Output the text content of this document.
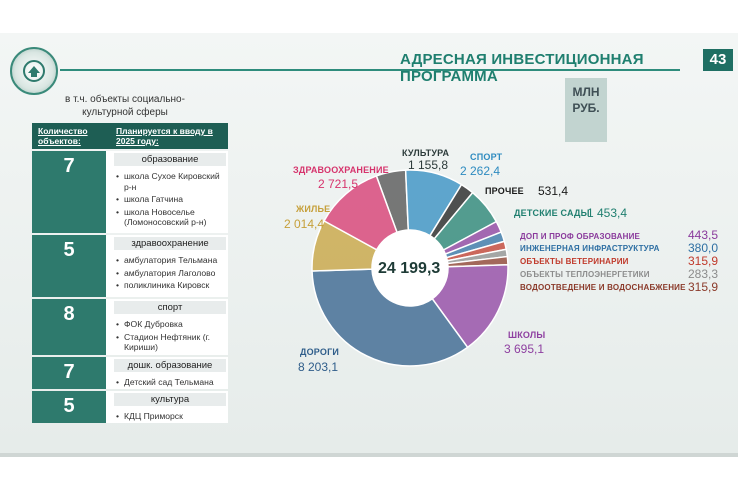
АДРЕСНАЯ ИНВЕСТИЦИОННАЯ ПРОГРАММА
43
МЛН РУБ.
в т.ч. объекты социально-культурной сферы
Количество объектов:
Планируется к вводу в 2025 году:
7	образование
• школа Сухое Кировский р-н
• школа Гатчина
• школа Новоселье (Ломоносовский р-н)
5	здравоохранение
• амбулатория Тельмана
• амбулатория Лаголово
• поликлиника Кировск
8	спорт
• ФОК Дубровка
• Стадион Нефтяник (г. Кириши)
7	дошк. образование
• Детский сад Тельмана
5	культура
• КДЦ Приморск
КУЛЬТУРА
1 155,8
СПОРТ
2 262,4
ПРОЧЕЕ 531,4
ДЕТСКИЕ САДЫ
1 453,4
ДОП И ПРОФ ОБРАЗОВАНИЕ	443,5
ИНЖЕНЕРНАЯ ИНФРАСТРУКТУРА 380,0
ОБЪЕКТЫ ВЕТЕРИНАРИИ	315,9
ОБЪЕКТЫ ТЕПЛОЭНЕРГЕТИКИ	283,3
ВОДООТВЕДЕНИЕ И ВОДОСНАБЖЕНИЕ 315,9
ШКОЛЫ
3 695,1
ДОРОГИ
8 203,1
ЖИЛЬЕ
2 014,4
ЗДРАВООХРАНЕНИЕ
2 721,5
24 199,3
